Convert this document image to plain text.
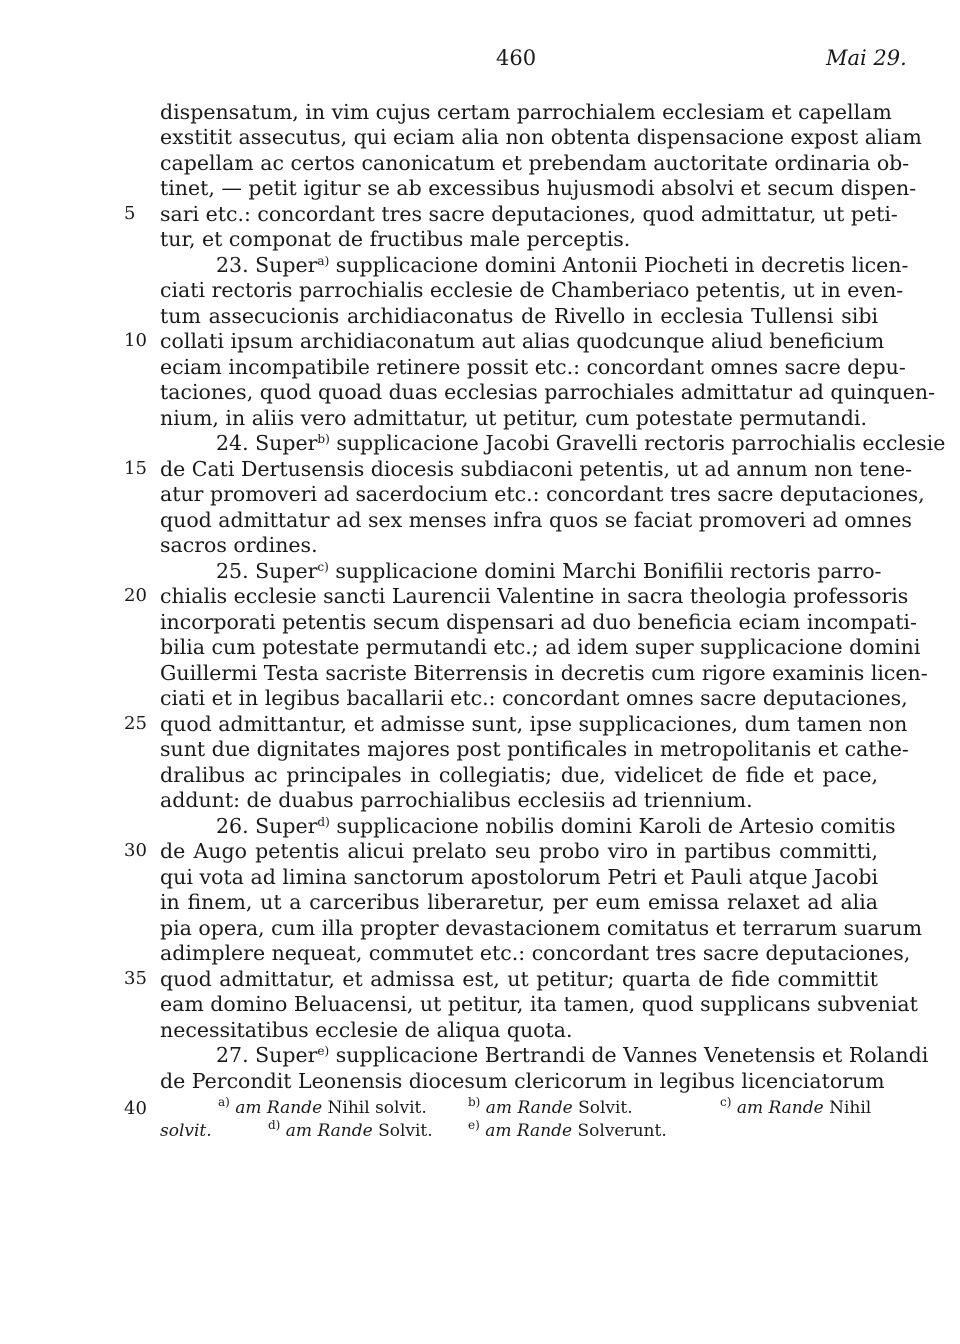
460	Mai 29.
dispensatum, in vim cujus certam parrochialem ecclesiam et capellam
exstitit assecutus, qui eciam alia non obtenta dispensacione expost aliam
capellam ac certos canonicatum et prebendam auctoritate ordinaria ob-
tinet, — petit igitur se ab excessibus hujusmodi absolvi et secum dispen-
sari etc.: concordant tres sacre deputaciones, quod admittatur, ut peti-
tur, et componat de fructibus male perceptis.
23. Super$^{a)}$ supplicacione domini Antonii Piocheti in decretis licen-
ciati rectoris parrochialis ecclesie de Chamberiaco petentis, ut in even-
tum assecucionis archidiaconatus de Rivello in ecclesia Tullensi sibi
collati ipsum archidiaconatum aut alias quodcunque aliud beneficium
eciam incompatibile retinere possit etc.: concordant omnes sacre depu-
taciones, quod quoad duas ecclesias parrochiales admittatur ad quinquen-
nium, in aliis vero admittatur, ut petitur, cum potestate permutandi.
24. Super$^{b)}$ supplicacione Jacobi Gravelli rectoris parrochialis ecclesie
de Cati Dertusensis diocesis subdiaconi petentis, ut ad annum non tene-
atur promoveri ad sacerdocium etc.: concordant tres sacre deputaciones,
quod admittatur ad sex menses infra quos se faciat promoveri ad omnes
sacros ordines.
25. Super$^{c)}$ supplicacione domini Marchi Bonifilii rectoris parro-
chialis ecclesie sancti Laurencii Valentine in sacra theologia professoris
incorporati petentis secum dispensari ad duo beneficia eciam incompati-
bilia cum potestate permutandi etc.; ad idem super supplicacione domini
Guillermi Testa sacriste Biterrensis in decretis cum rigore examinis licen-
ciati et in legibus bacallarii etc.: concordant omnes sacre deputaciones,
quod admittantur, et admisse sunt, ipse supplicaciones, dum tamen non
sunt due dignitates majores post pontificales in metropolitanis et cathe-
dralibus ac principales in collegiatis; due, videlicet de fide et pace,
addunt: de duabus parrochialibus ecclesiis ad triennium.
26. Super$^{d)}$ supplicacione nobilis domini Karoli de Artesio comitis
de Augo petentis alicui prelato seu probo viro in partibus committi,
qui vota ad limina sanctorum apostolorum Petri et Pauli atque Jacobi
in finem, ut a carceribus liberaretur, per eum emissa relaxet ad alia
pia opera, cum illa propter devastacionem comitatus et terrarum suarum
adimplere nequeat, commutet etc.: concordant tres sacre deputaciones,
quod admittatur, et admissa est, ut petitur; quarta de fide committit
eam domino Beluacensi, ut petitur, ita tamen, quod supplicans subveniat
necessitatibus ecclesie de aliqua quota.
27. Super$^{e)}$ supplicacione Bertrandi de Vannes Venetensis et Rolandi
de Percondit Leonensis diocesum clericorum in legibus licenciatorum
5
10
15
20
25
30
35
40	$^{a)}$ am Rande Nihil solvit.	$^{b)}$ am Rande Solvit.	$^{c)}$ am Rande Nihil
solvit.	$^{d)}$ am Rande Solvit.	$^{e)}$ am Rande Solverunt.
